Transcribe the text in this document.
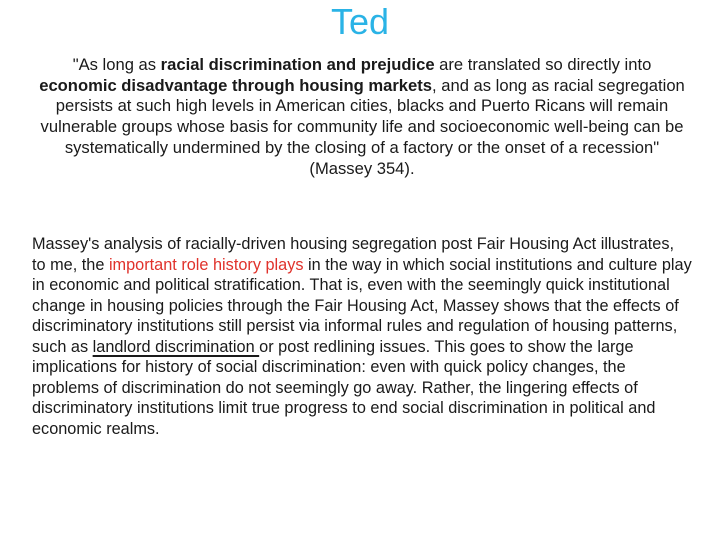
Ted
"As long as racial discrimination and prejudice are translated so directly into economic disadvantage through housing markets, and as long as racial segregation persists at such high levels in American cities, blacks and Puerto Ricans will remain vulnerable groups whose basis for community life and socioeconomic well-being can be systematically undermined by the closing of a factory or the onset of a recession" (Massey 354).
Massey's analysis of racially-driven housing segregation post Fair Housing Act illustrates, to me, the important role history plays in the way in which social institutions and culture play in economic and political stratification. That is, even with the seemingly quick institutional change in housing policies through the Fair Housing Act, Massey shows that the effects of discriminatory institutions still persist via informal rules and regulation of housing patterns, such as landlord discrimination or post redlining issues. This goes to show the large implications for history of social discrimination: even with quick policy changes, the problems of discrimination do not seemingly go away. Rather, the lingering effects of discriminatory institutions limit true progress to end social discrimination in political and economic realms.
